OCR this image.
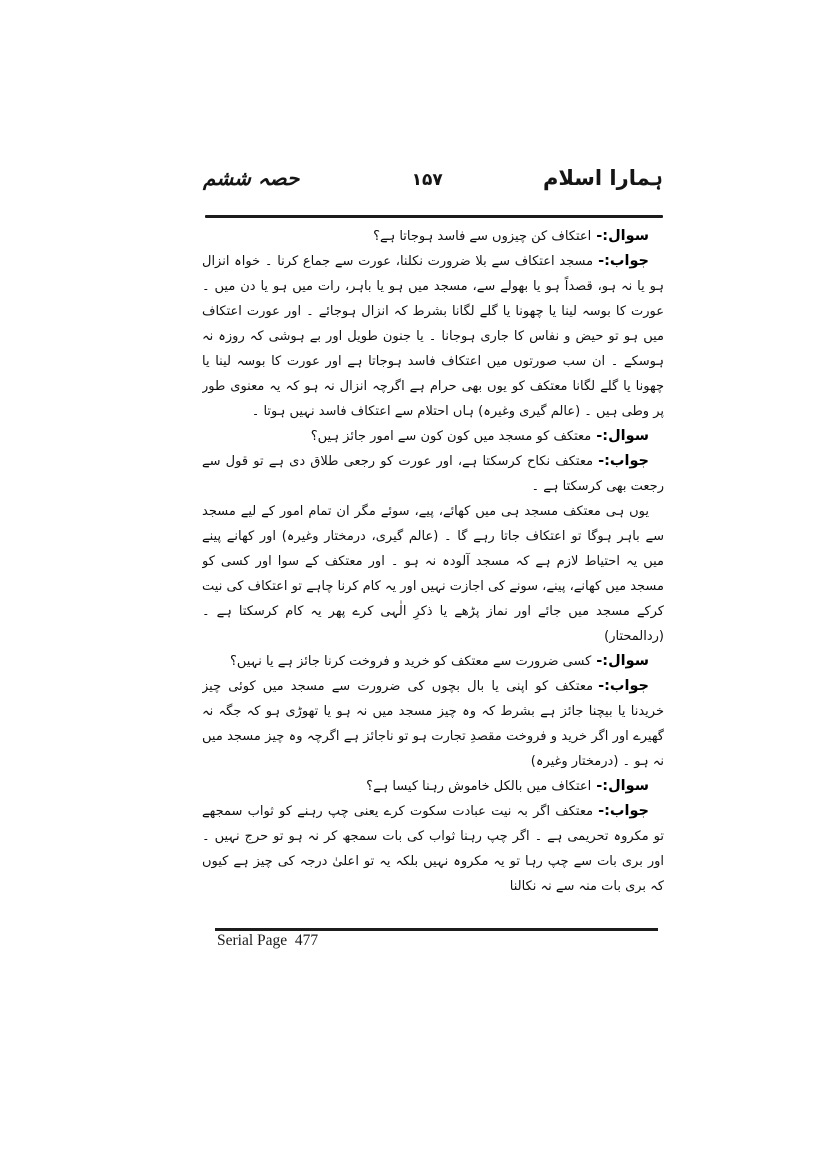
ہمارا اسلام
۱۵۷
حصہ ششم

سوال:-اعتکاف کن چیزوں سے فاسد ہوجاتا ہے؟

جواب:-مسجد اعتکاف سے بلا ضرورت نکلنا، عورت سے جماع کرنا ۔ خواہ انزال ہو یا نہ ہو، قصداً ہو یا بھولے سے، مسجد میں ہو یا باہر، رات میں ہو یا دن میں ۔ عورت کا بوسہ لینا یا چھونا یا گلے لگانا بشرط کہ انزال ہوجائے ۔ اور عورت اعتکاف میں ہو تو حیض و نفاس کا جاری ہوجانا ۔ یا جنون طویل اور بے ہوشی کہ روزہ نہ ہوسکے ۔ ان سب صورتوں میں اعتکاف فاسد ہوجاتا ہے اور عورت کا بوسہ لینا یا چھونا یا گلے لگانا معتکف کو یوں بھی حرام ہے اگرچہ انزال نہ ہو کہ یہ معنوی طور پر وطی ہیں ۔ (عالم گیری وغیرہ) ہاں احتلام سے اعتکاف فاسد نہیں ہوتا ۔

سوال:-معتکف کو مسجد میں کون کون سے امور جائز ہیں؟

جواب:-معتکف نکاح کرسکتا ہے، اور عورت کو رجعی طلاق دی ہے تو قول سے رجعت بھی کرسکتا ہے ۔

یوں ہی معتکف مسجد ہی میں کھائے، پیے، سوئے مگر ان تمام امور کے لیے مسجد سے باہر ہوگا تو اعتکاف جاتا رہے گا ۔ (عالم گیری، درمختار وغیرہ) اور کھانے پینے میں یہ احتیاط لازم ہے کہ مسجد آلودہ نہ ہو ۔ اور معتکف کے سوا اور کسی کو مسجد میں کھانے، پینے، سونے کی اجازت نہیں اور یہ کام کرنا چاہے تو اعتکاف کی نیت کرکے مسجد میں جائے اور نماز پڑھے یا ذکرِ الٰہی کرے پھر یہ کام کرسکتا ہے ۔ (ردالمحتار)

سوال:-کسی ضرورت سے معتکف کو خرید و فروخت کرنا جائز ہے یا نہیں؟

جواب:-معتکف کو اپنی یا بال بچوں کی ضرورت سے مسجد میں کوئی چیز خریدنا یا بیچنا جائز ہے بشرط کہ وہ چیز مسجد میں نہ ہو یا تھوڑی ہو کہ جگہ نہ گھیرے اور اگر خرید و فروخت مقصدِ تجارت ہو تو ناجائز ہے اگرچہ وہ چیز مسجد میں نہ ہو ۔ (درمختار وغیرہ)

سوال:-اعتکاف میں بالکل خاموش رہنا کیسا ہے؟

جواب:-معتکف اگر بہ نیت عبادت سکوت کرے یعنی چپ رہنے کو ثواب سمجھے تو مکروہ تحریمی ہے ۔ اگر چپ رہنا ثواب کی بات سمجھ کر نہ ہو تو حرج نہیں ۔ اور بری بات سے چپ رہا تو یہ مکروہ نہیں بلکہ یہ تو اعلیٰ درجہ کی چیز ہے کیوں کہ بری بات منہ سے نہ نکالنا

Serial Page  477
